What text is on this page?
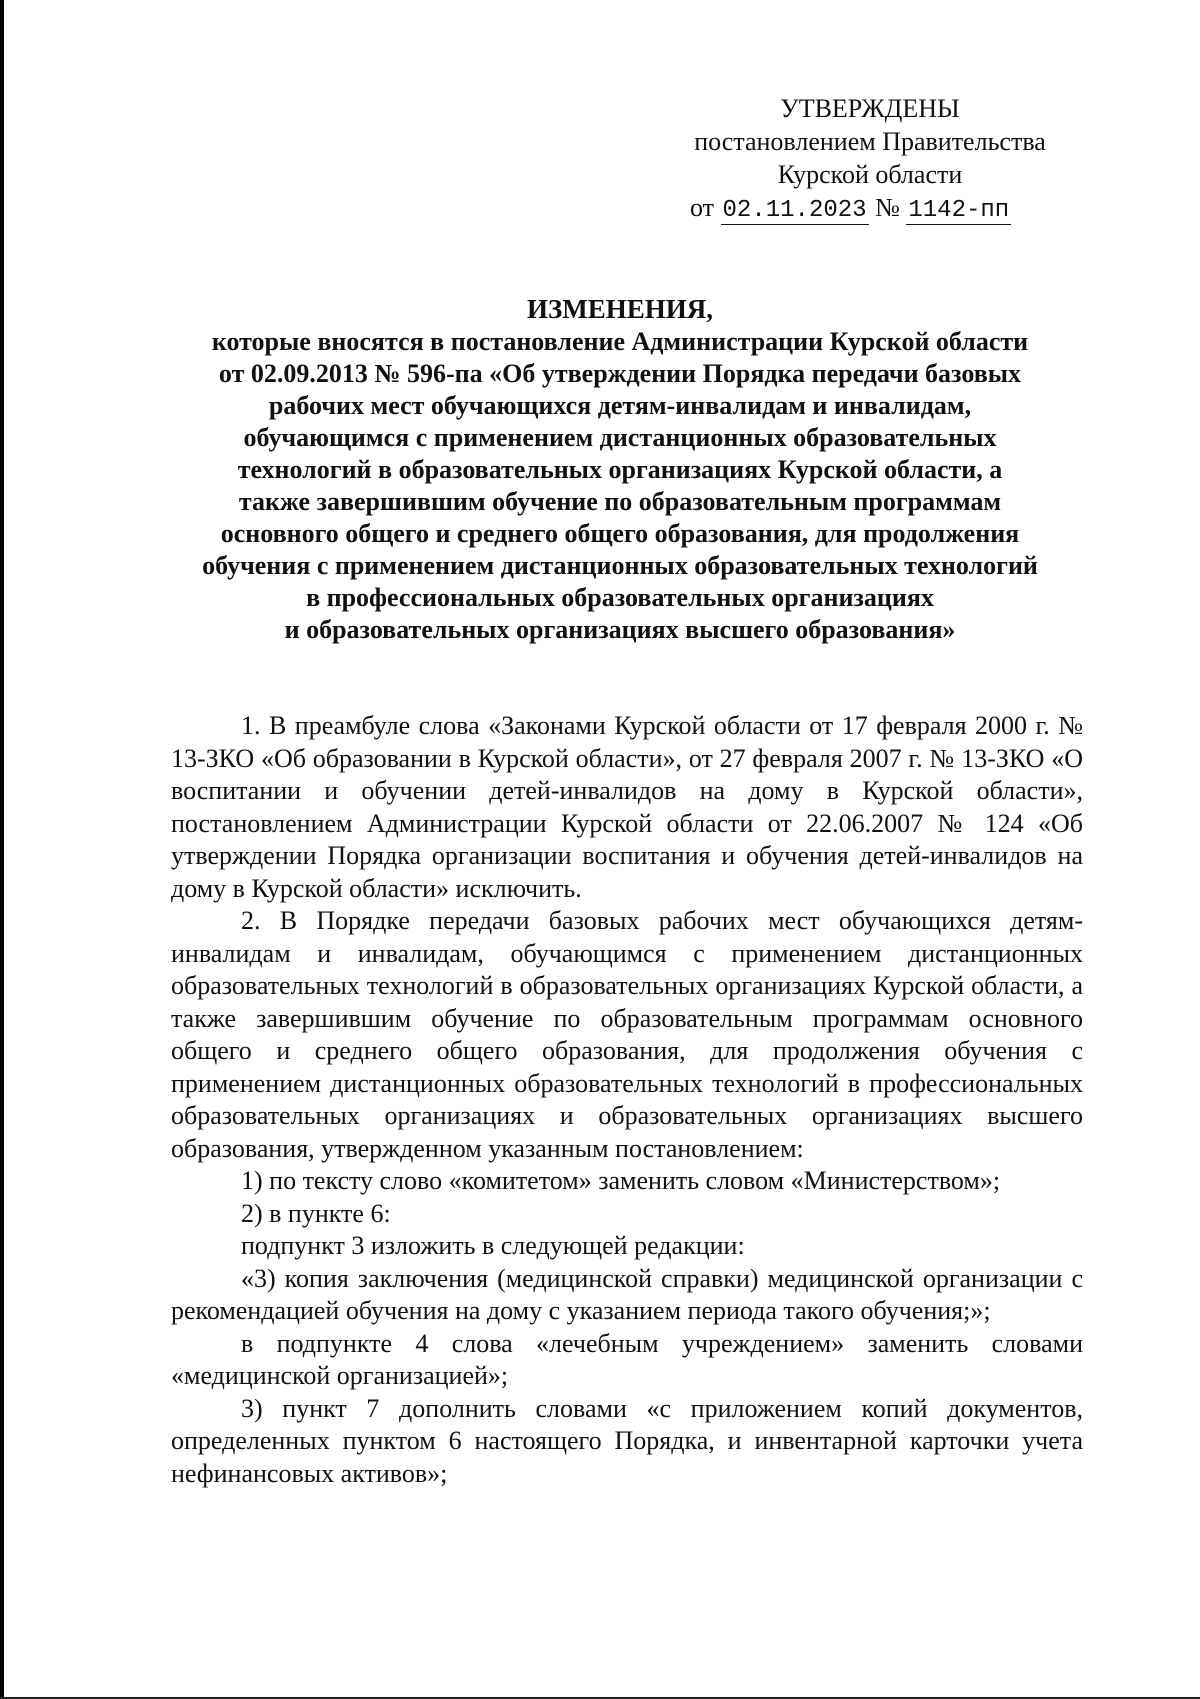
УТВЕРЖДЕНЫ
постановлением Правительства
Курской области
от 02.11.2023 № 1142-пп
ИЗМЕНЕНИЯ,
которые вносятся в постановление Администрации Курской области
от 02.09.2013 № 596-па «Об утверждении Порядка передачи базовых
рабочих мест обучающихся детям-инвалидам и инвалидам,
обучающимся с применением дистанционных образовательных
технологий в образовательных организациях Курской области, а
также завершившим обучение по образовательным программам
основного общего и среднего общего образования, для продолжения
обучения с применением дистанционных образовательных технологий
в профессиональных образовательных организациях
и образовательных организациях высшего образования»

1. В преамбуле слова «Законами Курской области от 17 февраля 2000 г. № 13-ЗКО «Об образовании в Курской области», от 27 февраля 2007 г. № 13-ЗКО «О воспитании и обучении детей-инвалидов на дому в Курской области», постановлением Администрации Курской области от 22.06.2007 № 124 «Об утверждении Порядка организации воспитания и обучения детей-инвалидов на дому в Курской области» исключить.

2. В Порядке передачи базовых рабочих мест обучающихся детям-инвалидам и инвалидам, обучающимся с применением дистанционных образовательных технологий в образовательных организациях Курской области, а также завершившим обучение по образовательным программам основного общего и среднего общего образования, для продолжения обучения с применением дистанционных образовательных технологий в профессиональных образовательных организациях и образовательных организациях высшего образования, утвержденном указанным постановлением:

1) по тексту слово «комитетом» заменить словом «Министерством»;

2) в пункте 6:

подпункт 3 изложить в следующей редакции:

«3) копия заключения (медицинской справки) медицинской организации с рекомендацией обучения на дому с указанием периода такого обучения;»;

в подпункте 4 слова «лечебным учреждением» заменить словами «медицинской организацией»;

3) пункт 7 дополнить словами «с приложением копий документов, определенных пунктом 6 настоящего Порядка, и инвентарной карточки учета нефинансовых активов»;
